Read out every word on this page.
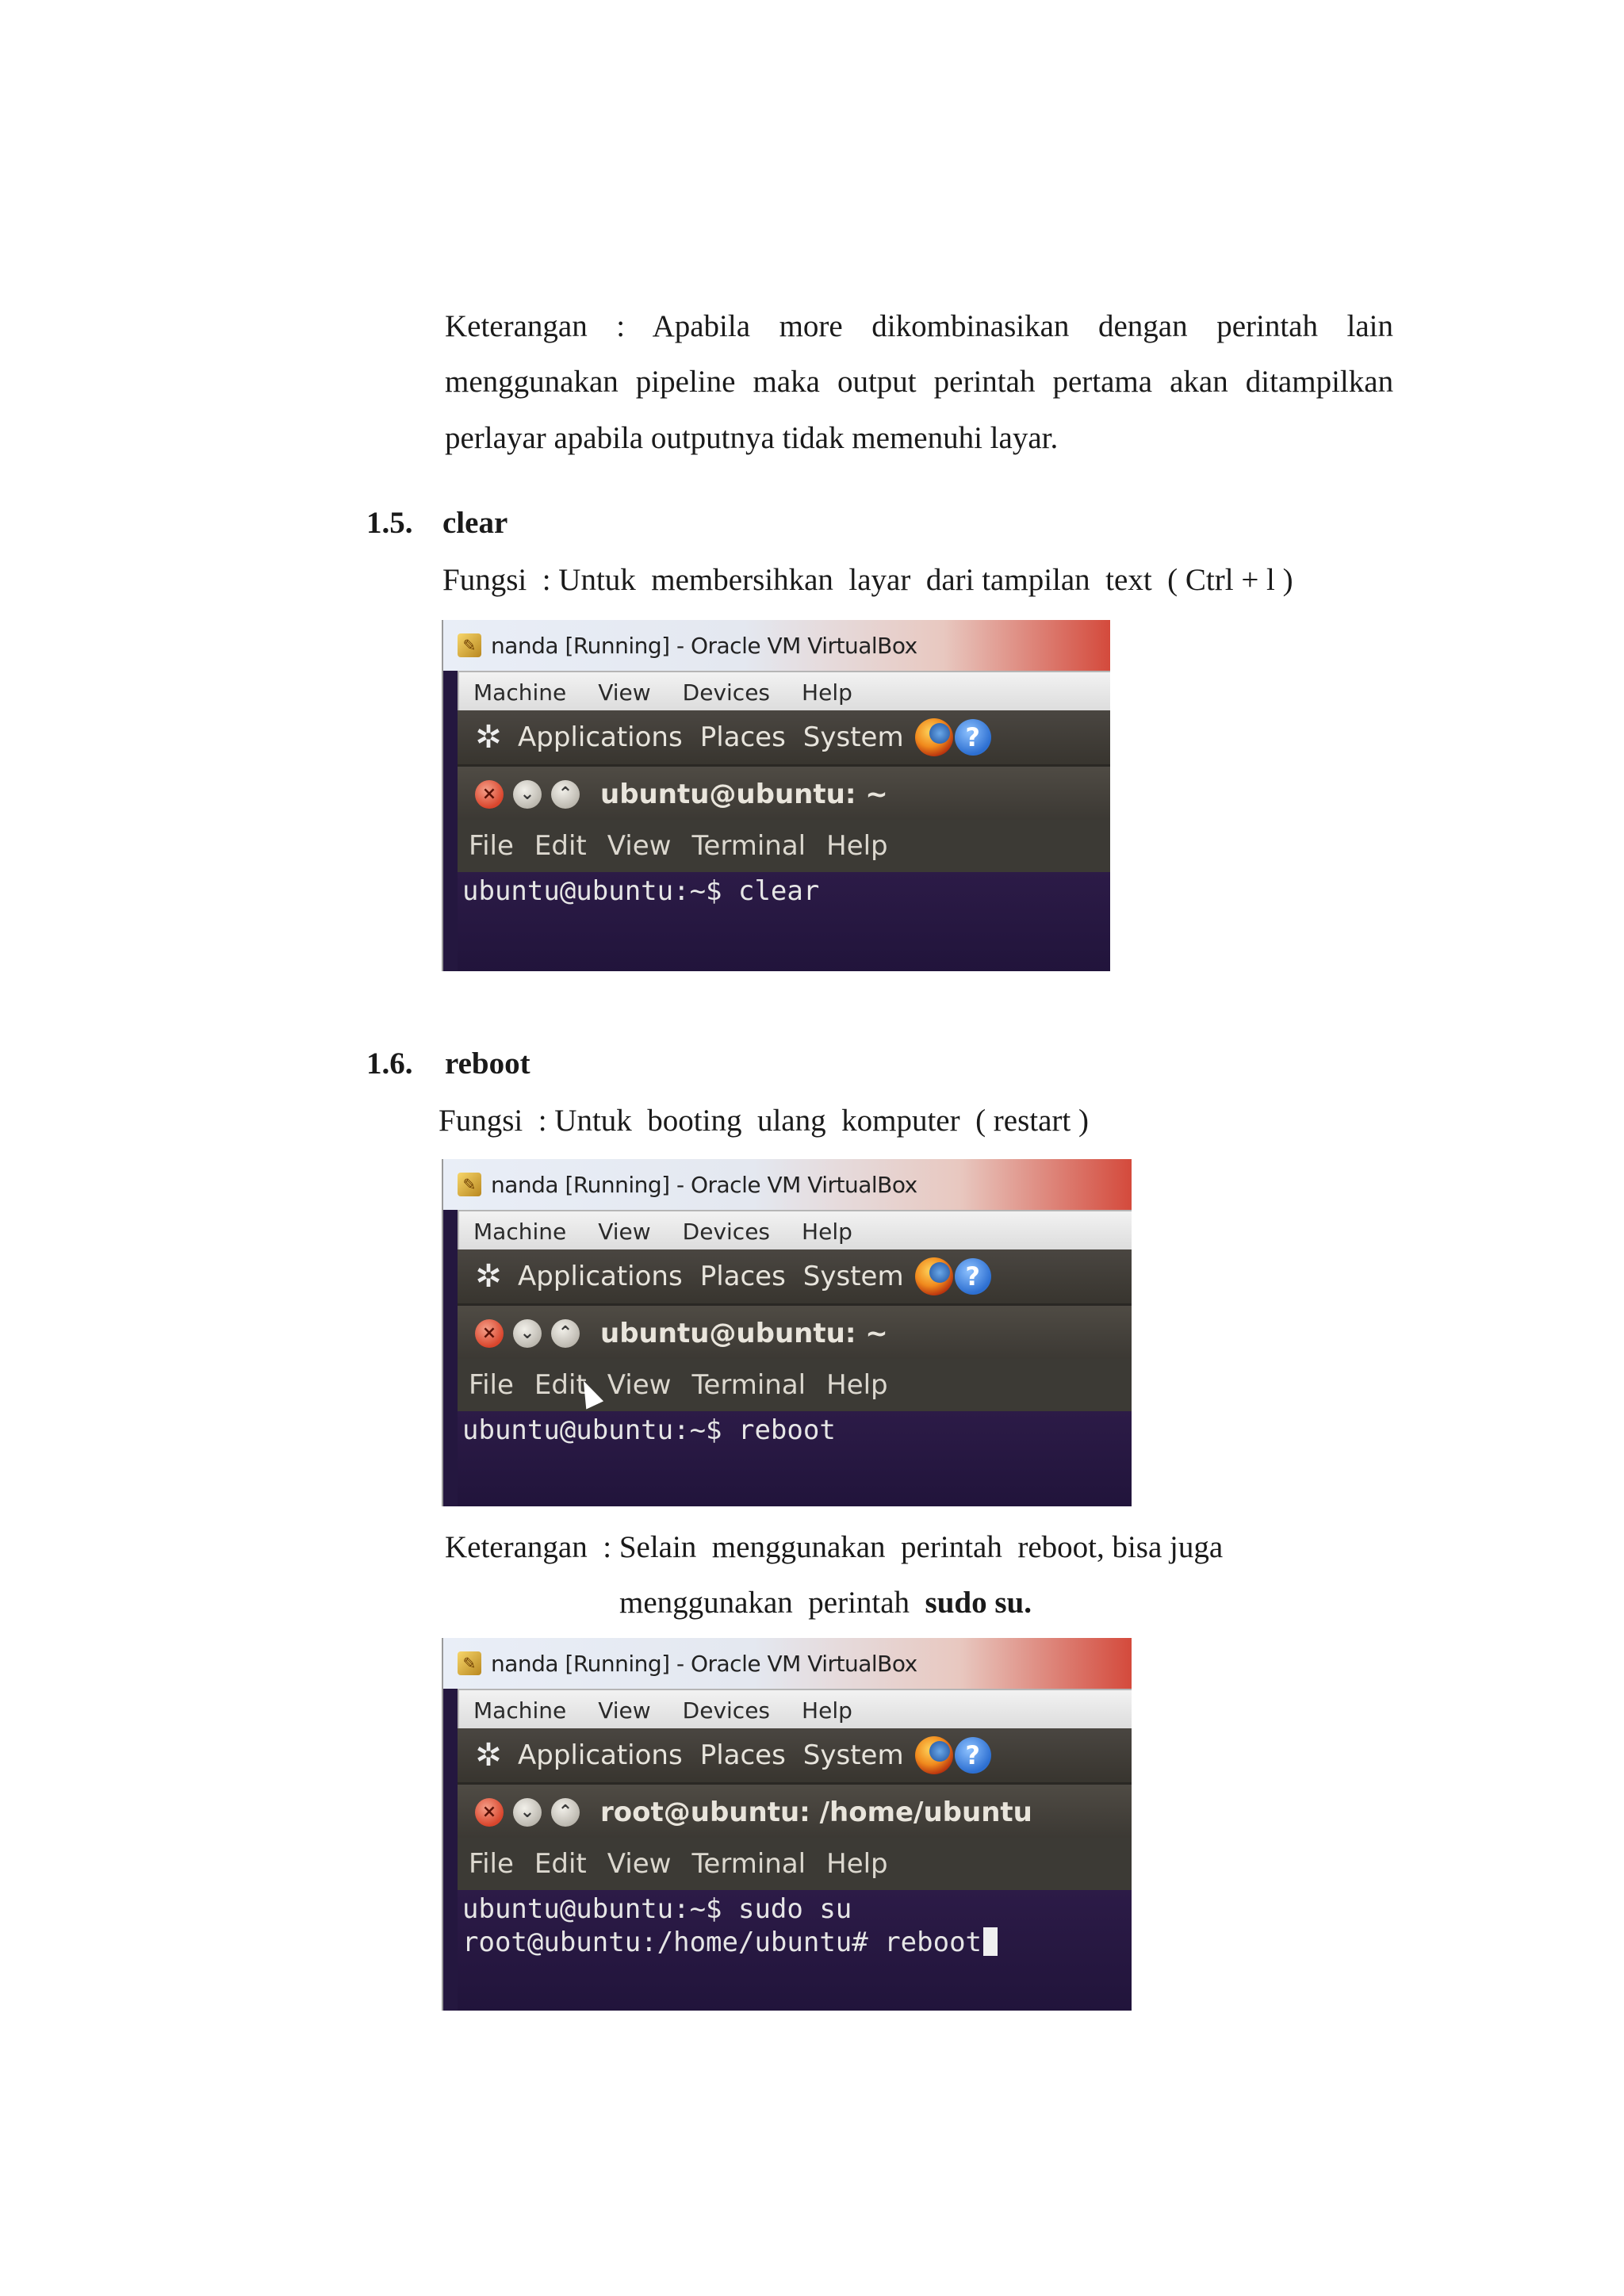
Keterangan : Apabila more dikombinasikan dengan perintah lain
menggunakan pipeline maka output perintah pertama akan ditampilkan
perlayar apabila outputnya tidak memenuhi layar.
1.5. clear
Fungsi  : Untuk  membersihkan  layar  dari tampilan  text  ( Ctrl + l )
✎ nanda [Running] - Oracle VM VirtualBox
Machine View Devices Help
✲ Applications Places System	?
×	⌄	⌃ ubuntu@ubuntu: ~
File Edit View Terminal Help
ubuntu@ubuntu:~$ clear
1.6. reboot
Fungsi  : Untuk  booting  ulang  komputer  ( restart )
✎ nanda [Running] - Oracle VM VirtualBox
Machine View Devices Help
✲ Applications Places System	?
×	⌄	⌃ ubuntu@ubuntu: ~
File Edit View Terminal Help
ubuntu@ubuntu:~$ reboot
Keterangan  : Selain  menggunakan  perintah  reboot, bisa juga
menggunakan  perintah  sudo su.
✎ nanda [Running] - Oracle VM VirtualBox
Machine View Devices Help
✲ Applications Places System	?
×	⌄	⌃ root@ubuntu: /home/ubuntu
File Edit View Terminal Help
ubuntu@ubuntu:~$ sudo su
root@ubuntu:/home/ubuntu# reboot
